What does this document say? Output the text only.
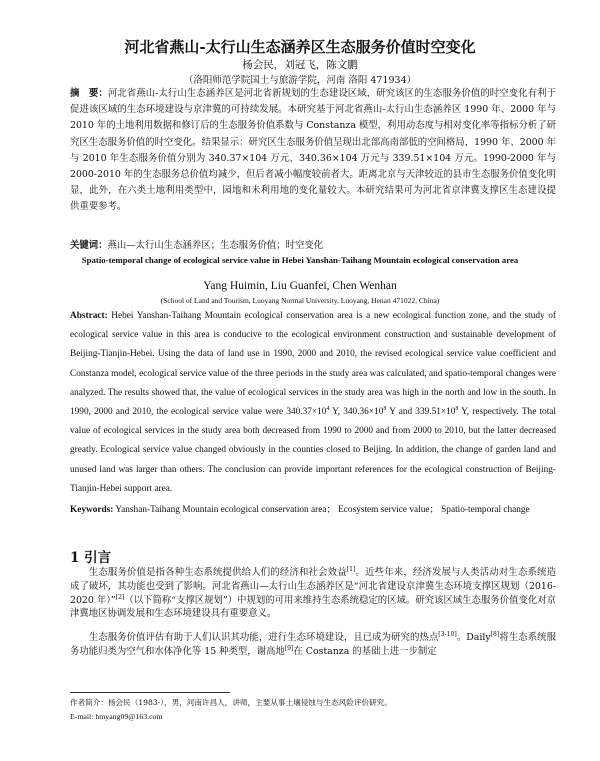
河北省燕山-太行山生态涵养区生态服务价值时空变化
杨会民，刘冠飞，陈文鹏
（洛阳师范学院国土与旅游学院，河南 洛阳 471934）
摘　要：河北省燕山-太行山生态涵养区是河北省新规划的生态建设区域，研究该区的生态服务价值的时空变化有利于促进该区域的生态环境建设与京津冀的可持续发展。本研究基于河北省燕山-太行山生态涵养区 1990 年、2000 年与 2010 年的土地利用数据和修订后的生态服务价值系数与 Constanza 模型，利用动态度与相对变化率等指标分析了研究区生态服务价值的时空变化。结果显示：研究区生态服务价值呈现出北部高南部低的空间格局，1990 年、2000 年与 2010 年生态服务价值分别为 340.37×104 万元、340.36×104 万元与 339.51×104 万元。1990-2000 年与 2000-2010 年的生态服务总价值均减少，但后者减小幅度较前者大。距离北京与天津较近的县市生态服务价值变化明显，此外，在六类土地利用类型中，园地和未利用地的变化量较大。本研究结果可为河北省京津冀支撑区生态建设提供重要参考。
关键词：燕山—太行山生态涵养区；生态服务价值；时空变化
Spatio-temporal change of ecological service value in Hebei Yanshan-Taihang Mountain ecological conservation area
Yang Huimin, Liu Guanfei, Chen Wenhan
(School of Land and Tourism, Luoyang Normal University, Luoyang, Henan 471022, China)
Abstract: Hebei Yanshan-Taihang Mountain ecological conservation area is a new ecological function zone, and the study of ecological service value in this area is conducive to the ecological environment construction and sustainable development of Beijing-Tianjin-Hebei. Using the data of land use in 1990, 2000 and 2010, the revised ecological service value coefficient and Constanza model, ecological service value of the three periods in the study area was calculated, and spatio-temporal changes were analyzed. The results showed that, the value of ecological services in the study area was high in the north and low in the south. In 1990, 2000 and 2010, the ecological service value were $340.37\times 10^4$ Y, $340.36\times 10^8$ Y and $339.51\times 10^8$ Y, respectively. The total value of ecological services in the study area both decreased from 1990 to 2000 and from 2000 to 2010, but the latter decreased greatly. Ecological service value changed obviously in the counties closed to Beijing. In addition, the change of garden land and unused land was larger than others. The conclusion can provide important references for the ecological construction of Beijing-Tianjin-Hebei support area.
Keywords: Yanshan-Taihang Mountain ecological conservation area； Ecosystem service value； Spatio-temporal change
1 引言
生态服务价值是指各种生态系统提供给人们的经济和社会效益[1]。近些年来，经济发展与人类活动对生态系统造成了破坏，其功能也受到了影响。河北省燕山—太行山生态涵养区是“河北省建设京津冀生态环境支撑区规划（2016-2020 年）”[2]（以下简称“支撑区规划”）中规划的可用来维持生态系统稳定的区域。研究该区域生态服务价值变化对京津冀地区协调发展和生态环境建设具有重要意义。
生态服务价值评估有助于人们认识其功能，进行生态环境建设，且已成为研究的热点[3-10]。Daily[8]将生态系统服务功能归类为空气和水体净化等 15 种类型，谢高地[9]在 Costanza 的基础上进一步制定
作者简介：杨会民（1983-），男，河南许昌人，讲师，主要从事土壤侵蚀与生态风险评价研究。
E-mail: hmyang09@163.com
